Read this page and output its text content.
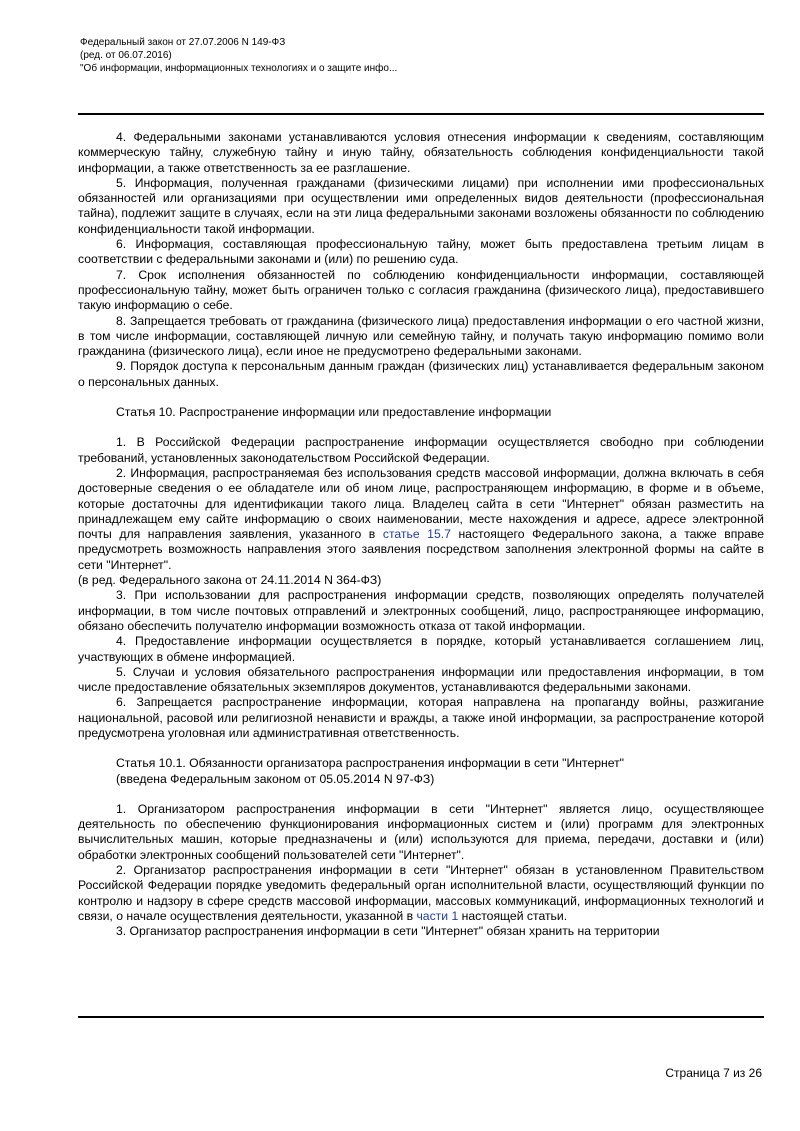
Федеральный закон от 27.07.2006 N 149-ФЗ
(ред. от 06.07.2016)
"Об информации, информационных технологиях и о защите инфо...

4. Федеральными законами устанавливаются условия отнесения информации к сведениям, составляющим коммерческую тайну, служебную тайну и иную тайну, обязательность соблюдения конфиденциальности такой информации, а также ответственность за ее разглашение.

5. Информация, полученная гражданами (физическими лицами) при исполнении ими профессиональных обязанностей или организациями при осуществлении ими определенных видов деятельности (профессиональная тайна), подлежит защите в случаях, если на эти лица федеральными законами возложены обязанности по соблюдению конфиденциальности такой информации.

6. Информация, составляющая профессиональную тайну, может быть предоставлена третьим лицам в соответствии с федеральными законами и (или) по решению суда.

7. Срок исполнения обязанностей по соблюдению конфиденциальности информации, составляющей профессиональную тайну, может быть ограничен только с согласия гражданина (физического лица), предоставившего такую информацию о себе.

8. Запрещается требовать от гражданина (физического лица) предоставления информации о его частной жизни, в том числе информации, составляющей личную или семейную тайну, и получать такую информацию помимо воли гражданина (физического лица), если иное не предусмотрено федеральными законами.

9. Порядок доступа к персональным данным граждан (физических лиц) устанавливается федеральным законом о персональных данных.

Статья 10. Распространение информации или предоставление информации

1. В Российской Федерации распространение информации осуществляется свободно при соблюдении требований, установленных законодательством Российской Федерации.

2. Информация, распространяемая без использования средств массовой информации, должна включать в себя достоверные сведения о ее обладателе или об ином лице, распространяющем информацию, в форме и в объеме, которые достаточны для идентификации такого лица. Владелец сайта в сети "Интернет" обязан разместить на принадлежащем ему сайте информацию о своих наименовании, месте нахождения и адресе, адресе электронной почты для направления заявления, указанного в статье 15.7 настоящего Федерального закона, а также вправе предусмотреть возможность направления этого заявления посредством заполнения электронной формы на сайте в сети "Интернет".

(в ред. Федерального закона от 24.11.2014 N 364-ФЗ)

3. При использовании для распространения информации средств, позволяющих определять получателей информации, в том числе почтовых отправлений и электронных сообщений, лицо, распространяющее информацию, обязано обеспечить получателю информации возможность отказа от такой информации.

4. Предоставление информации осуществляется в порядке, который устанавливается соглашением лиц, участвующих в обмене информацией.

5. Случаи и условия обязательного распространения информации или предоставления информации, в том числе предоставление обязательных экземпляров документов, устанавливаются федеральными законами.

6. Запрещается распространение информации, которая направлена на пропаганду войны, разжигание национальной, расовой или религиозной ненависти и вражды, а также иной информации, за распространение которой предусмотрена уголовная или административная ответственность.

Статья 10.1. Обязанности организатора распространения информации в сети "Интернет"
(введена Федеральным законом от 05.05.2014 N 97-ФЗ)

1. Организатором распространения информации в сети "Интернет" является лицо, осуществляющее деятельность по обеспечению функционирования информационных систем и (или) программ для электронных вычислительных машин, которые предназначены и (или) используются для приема, передачи, доставки и (или) обработки электронных сообщений пользователей сети "Интернет".

2. Организатор распространения информации в сети "Интернет" обязан в установленном Правительством Российской Федерации порядке уведомить федеральный орган исполнительной власти, осуществляющий функции по контролю и надзору в сфере средств массовой информации, массовых коммуникаций, информационных технологий и связи, о начале осуществления деятельности, указанной в части 1 настоящей статьи.

3. Организатор распространения информации в сети "Интернет" обязан хранить на территории

Страница 7 из 26
